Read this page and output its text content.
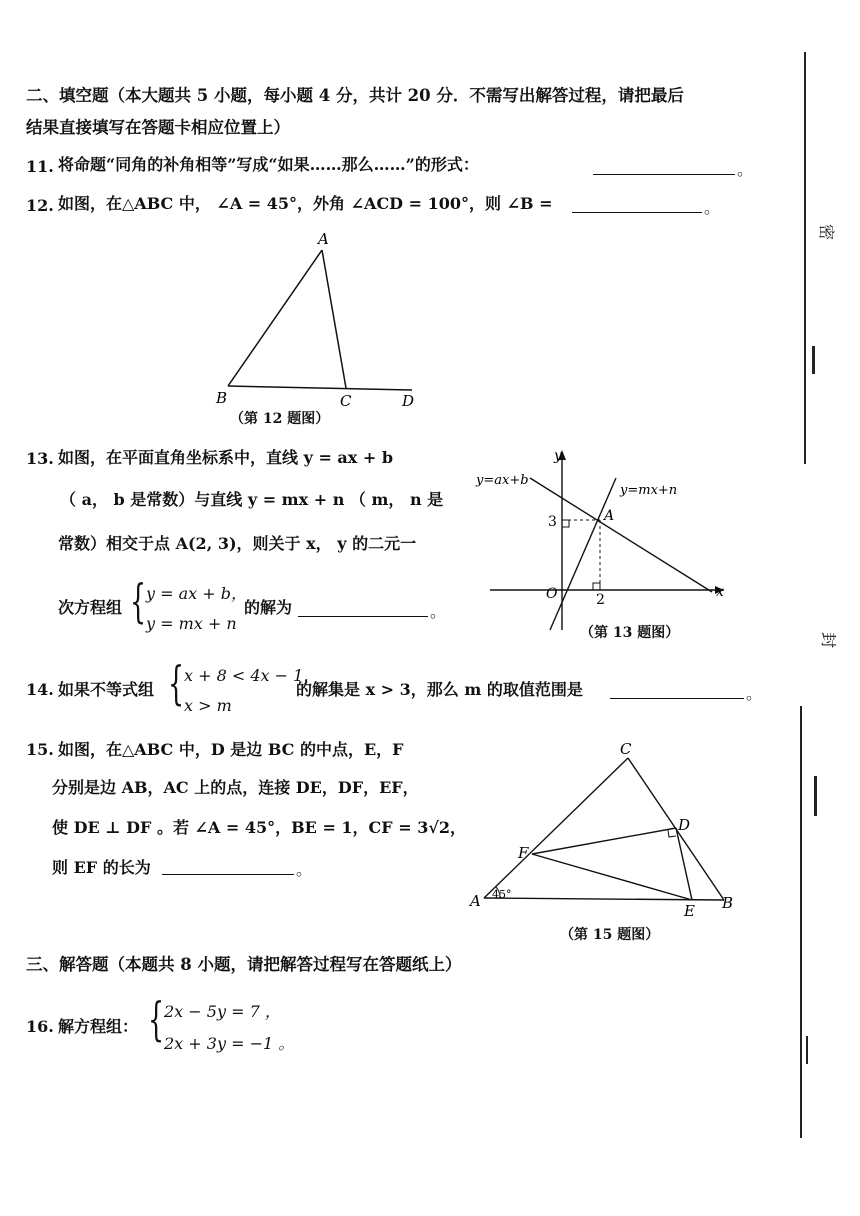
二、填空题（本大题共 5 小题，每小题 4 分，共计 20 分．不需写出解答过程，请把最后
结果直接填写在答题卡相应位置上）
11. 将命题“同角的补角相等”写成“如果……那么……”的形式：	。
12. 如图，在△ABC 中， ∠A = 45°，外角 ∠ACD = 100°，则 ∠B =	。
A
B	C	D
（第 12 题图）
13. 如图，在平面直角坐标系中，直线 y = ax + b
（ a， b 是常数）与直线 y = mx + n （ m， n 是
常数）相交于点 A(2, 3)，则关于 x， y 的二元一
次方程组 { y = ax + b，
y = mx + n
的解为	。
y
x
O
y=ax+b
y=mx+n
A
3
2
（第 13 题图）
14. 如果不等式组 { x + 8 < 4x − 1，
x > m
的解集是 x > 3，那么 m 的取值范围是	。
15. 如图，在△ABC 中，D 是边 BC 的中点，E，F
分别是边 AB，AC 上的点，连接 DE，DF，EF，
使 DE ⊥ DF 。若 ∠A = 45°，BE = 1，CF = 3√2，
则 EF 的长为	。
C
D
F
A
E B
45°
（第 15 题图）
三、解答题（本题共 8 小题，请把解答过程写在答题纸上）
16. 解方程组： { 2x − 5y = 7 ，
2x + 3y = −1 。
密
封
